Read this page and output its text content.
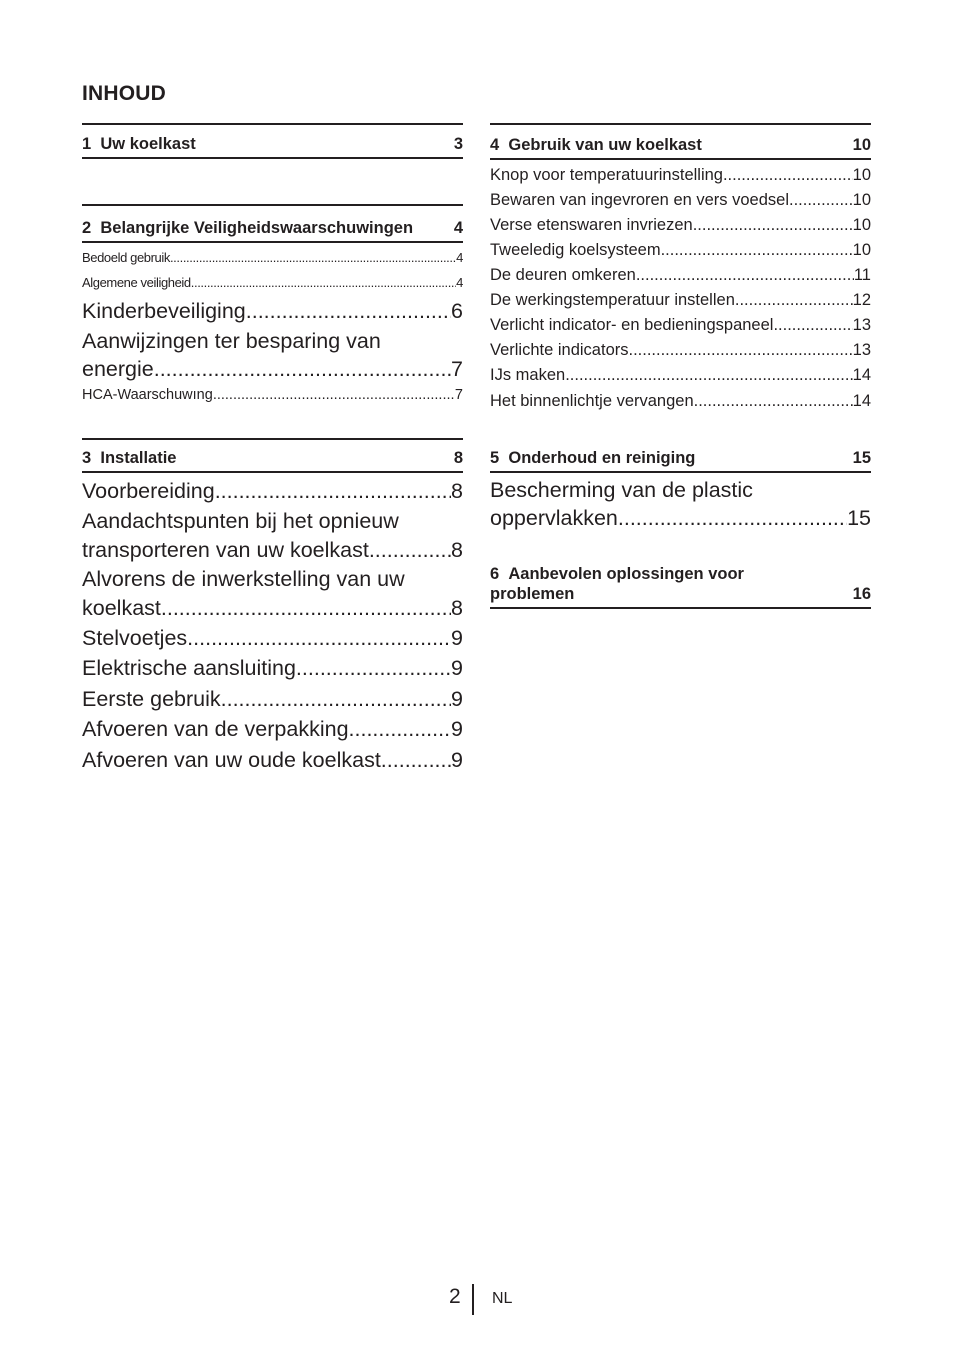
INHOUD
1 Uw koelkast	3
2 Belangrijke Veiligheidswaarschuwingen 4
Bedoeld gebruik .....	4
Algemene veiligheid .....	4
Kinderbeveiliging .....	6
Aanwijzingen ter besparing van
energie .....	7
HCA-Waarschuwıng .....	7
3 Installatie	8
Voorbereiding .....	8
Aandachtspunten bij het opnieuw
transporteren van uw koelkast .....	8
Alvorens de inwerkstelling van uw
koelkast .....	8
Stelvoetjes .....	9
Elektrische aansluiting .....	9
Eerste gebruik .....	9
Afvoeren van de verpakking .....	9
Afvoeren van uw oude koelkast .....	9
4 Gebruik van uw koelkast	10
Knop voor temperatuurinstelling .....	10
Bewaren van ingevroren en vers voedsel .....	10
Verse etenswaren invriezen .....	10
Tweeledig koelsysteem .....	10
De deuren omkeren .....	11
De werkingstemperatuur instellen .....	12
Verlicht indicator- en bedieningspaneel .....	13
Verlichte indicators .....	13
IJs maken .....	14
Het binnenlichtje vervangen .....	14
5 Onderhoud en reiniging	15
Bescherming van de plastic
oppervlakken .....	15
6 Aanbevolen oplossingen voor
problemen	16
2 NL
